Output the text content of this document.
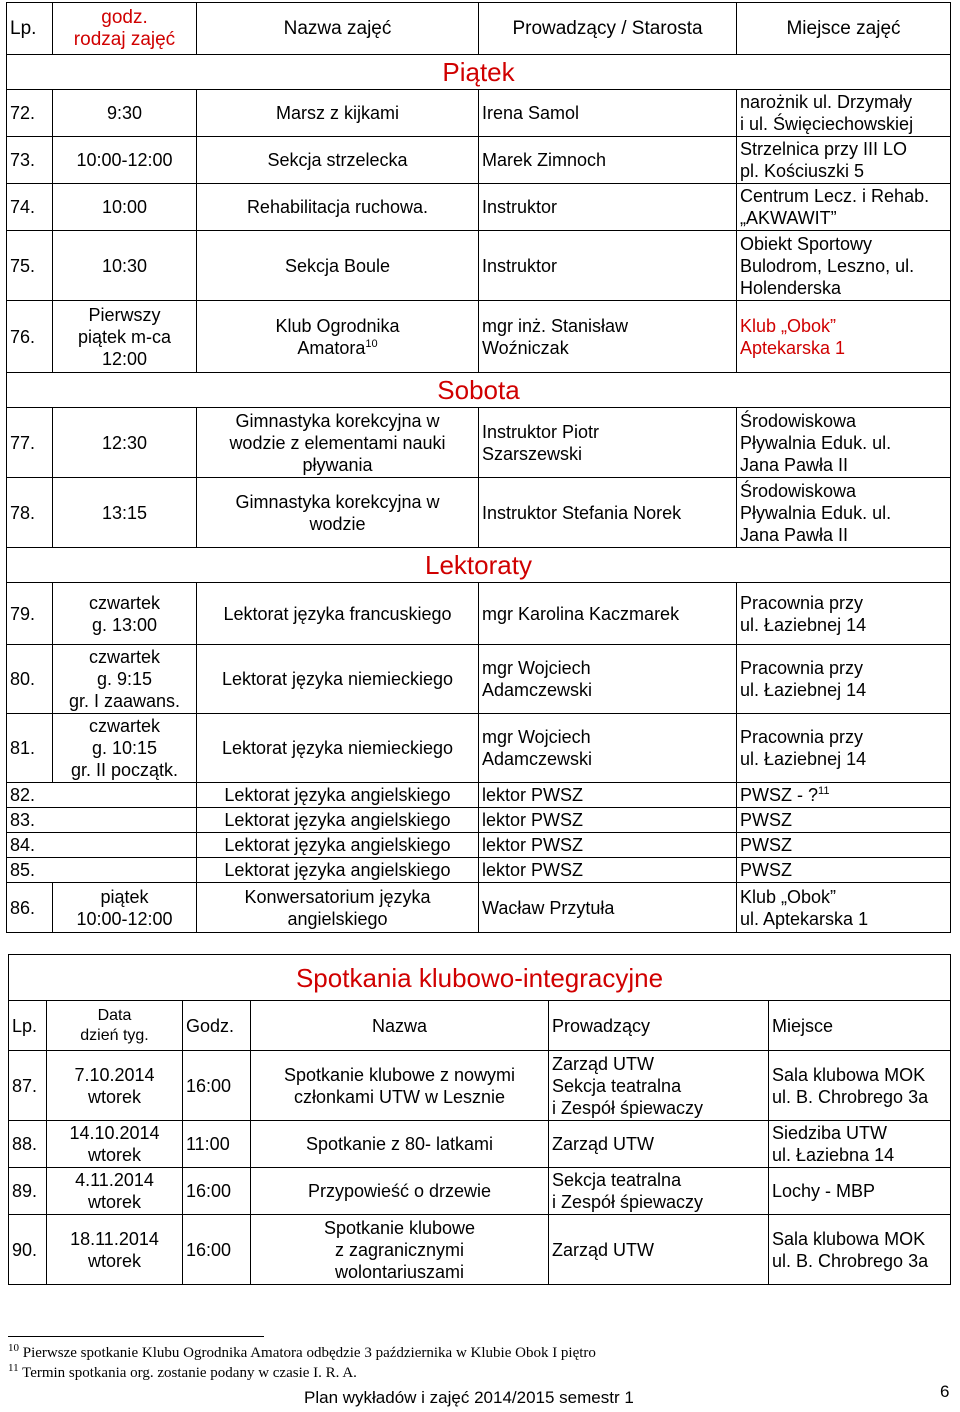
Lp.	godz.
rodzaj zajęć	Nazwa zajęć	Prowadzący / Starosta	Miejsce zajęć
Piątek				
72.	9:30	Marsz z kijkami	Irena Samol	narożnik ul. Drzymały
i ul. Święciechowskiej
73.	10:00-12:00	Sekcja strzelecka	Marek Zimnoch	Strzelnica przy III LO
pl. Kościuszki 5
74.	10:00	Rehabilitacja ruchowa.	Instruktor	Centrum Lecz. i Rehab.
„AKWAWIT”
75.	10:30	Sekcja Boule	Instruktor	Obiekt Sportowy
Bulodrom, Leszno, ul.
Holenderska
76.	Pierwszy
piątek m-ca
12:00	Klub Ogrodnika
Amatora$^{10}$	mgr inż. Stanisław
Woźniczak	Klub „Obok”
Aptekarska 1
Sobota				
77.	12:30	Gimnastyka korekcyjna w
wodzie z elementami nauki
pływania	Instruktor Piotr
Szarszewski	Środowiskowa
Pływalnia Eduk. ul.
Jana Pawła II
78.	13:15	Gimnastyka korekcyjna w
wodzie	Instruktor Stefania Norek	Środowiskowa
Pływalnia Eduk. ul.
Jana Pawła II
Lektoraty				
79.	czwartek
g. 13:00	Lektorat języka francuskiego	mgr Karolina Kaczmarek	Pracownia przy
ul. Łaziebnej 14
80.	czwartek
g. 9:15
gr. I zaawans.	Lektorat języka niemieckiego	mgr Wojciech
Adamczewski	Pracownia przy
ul. Łaziebnej 14
81.	czwartek
g. 10:15
gr. II początk.	Lektorat języka niemieckiego	mgr Wojciech
Adamczewski	Pracownia przy
ul. Łaziebnej 14
82.		Lektorat języka angielskiego	lektor PWSZ	PWSZ - ?$^{11}$
83.		Lektorat języka angielskiego	lektor PWSZ	PWSZ
84.		Lektorat języka angielskiego	lektor PWSZ	PWSZ
85.		Lektorat języka angielskiego	lektor PWSZ	PWSZ
86.	piątek
10:00-12:00	Konwersatorium języka
angielskiego	Wacław Przytuła	Klub „Obok”
ul. Aptekarska 1
Spotkania klubowo-integracyjne					
Lp.	Data
dzień tyg.	Godz.	Nazwa	Prowadzący	Miejsce
87.	7.10.2014
wtorek	16:00	Spotkanie klubowe z nowymi
członkami UTW w Lesznie	Zarząd UTW
Sekcja teatralna
i Zespół śpiewaczy	Sala klubowa MOK
ul. B. Chrobrego 3a
88.	14.10.2014
wtorek	11:00	Spotkanie z 80- latkami	Zarząd UTW	Siedziba UTW
ul. Łaziebna 14
89.	4.11.2014
wtorek	16:00	Przypowieść o drzewie	Sekcja teatralna
i Zespół śpiewaczy	Lochy - MBP
90.	18.11.2014
wtorek	16:00	Spotkanie klubowe
z zagranicznymi
wolontariuszami	Zarząd UTW	Sala klubowa MOK
ul. B. Chrobrego 3a
$^{10}$ Pierwsze spotkanie Klubu Ogrodnika Amatora odbędzie 3 października w Klubie Obok I piętro
$^{11}$ Termin spotkania org. zostanie podany w czasie I. R. A.
Plan wykładów i zajęć 2014/2015 semestr 1	6
